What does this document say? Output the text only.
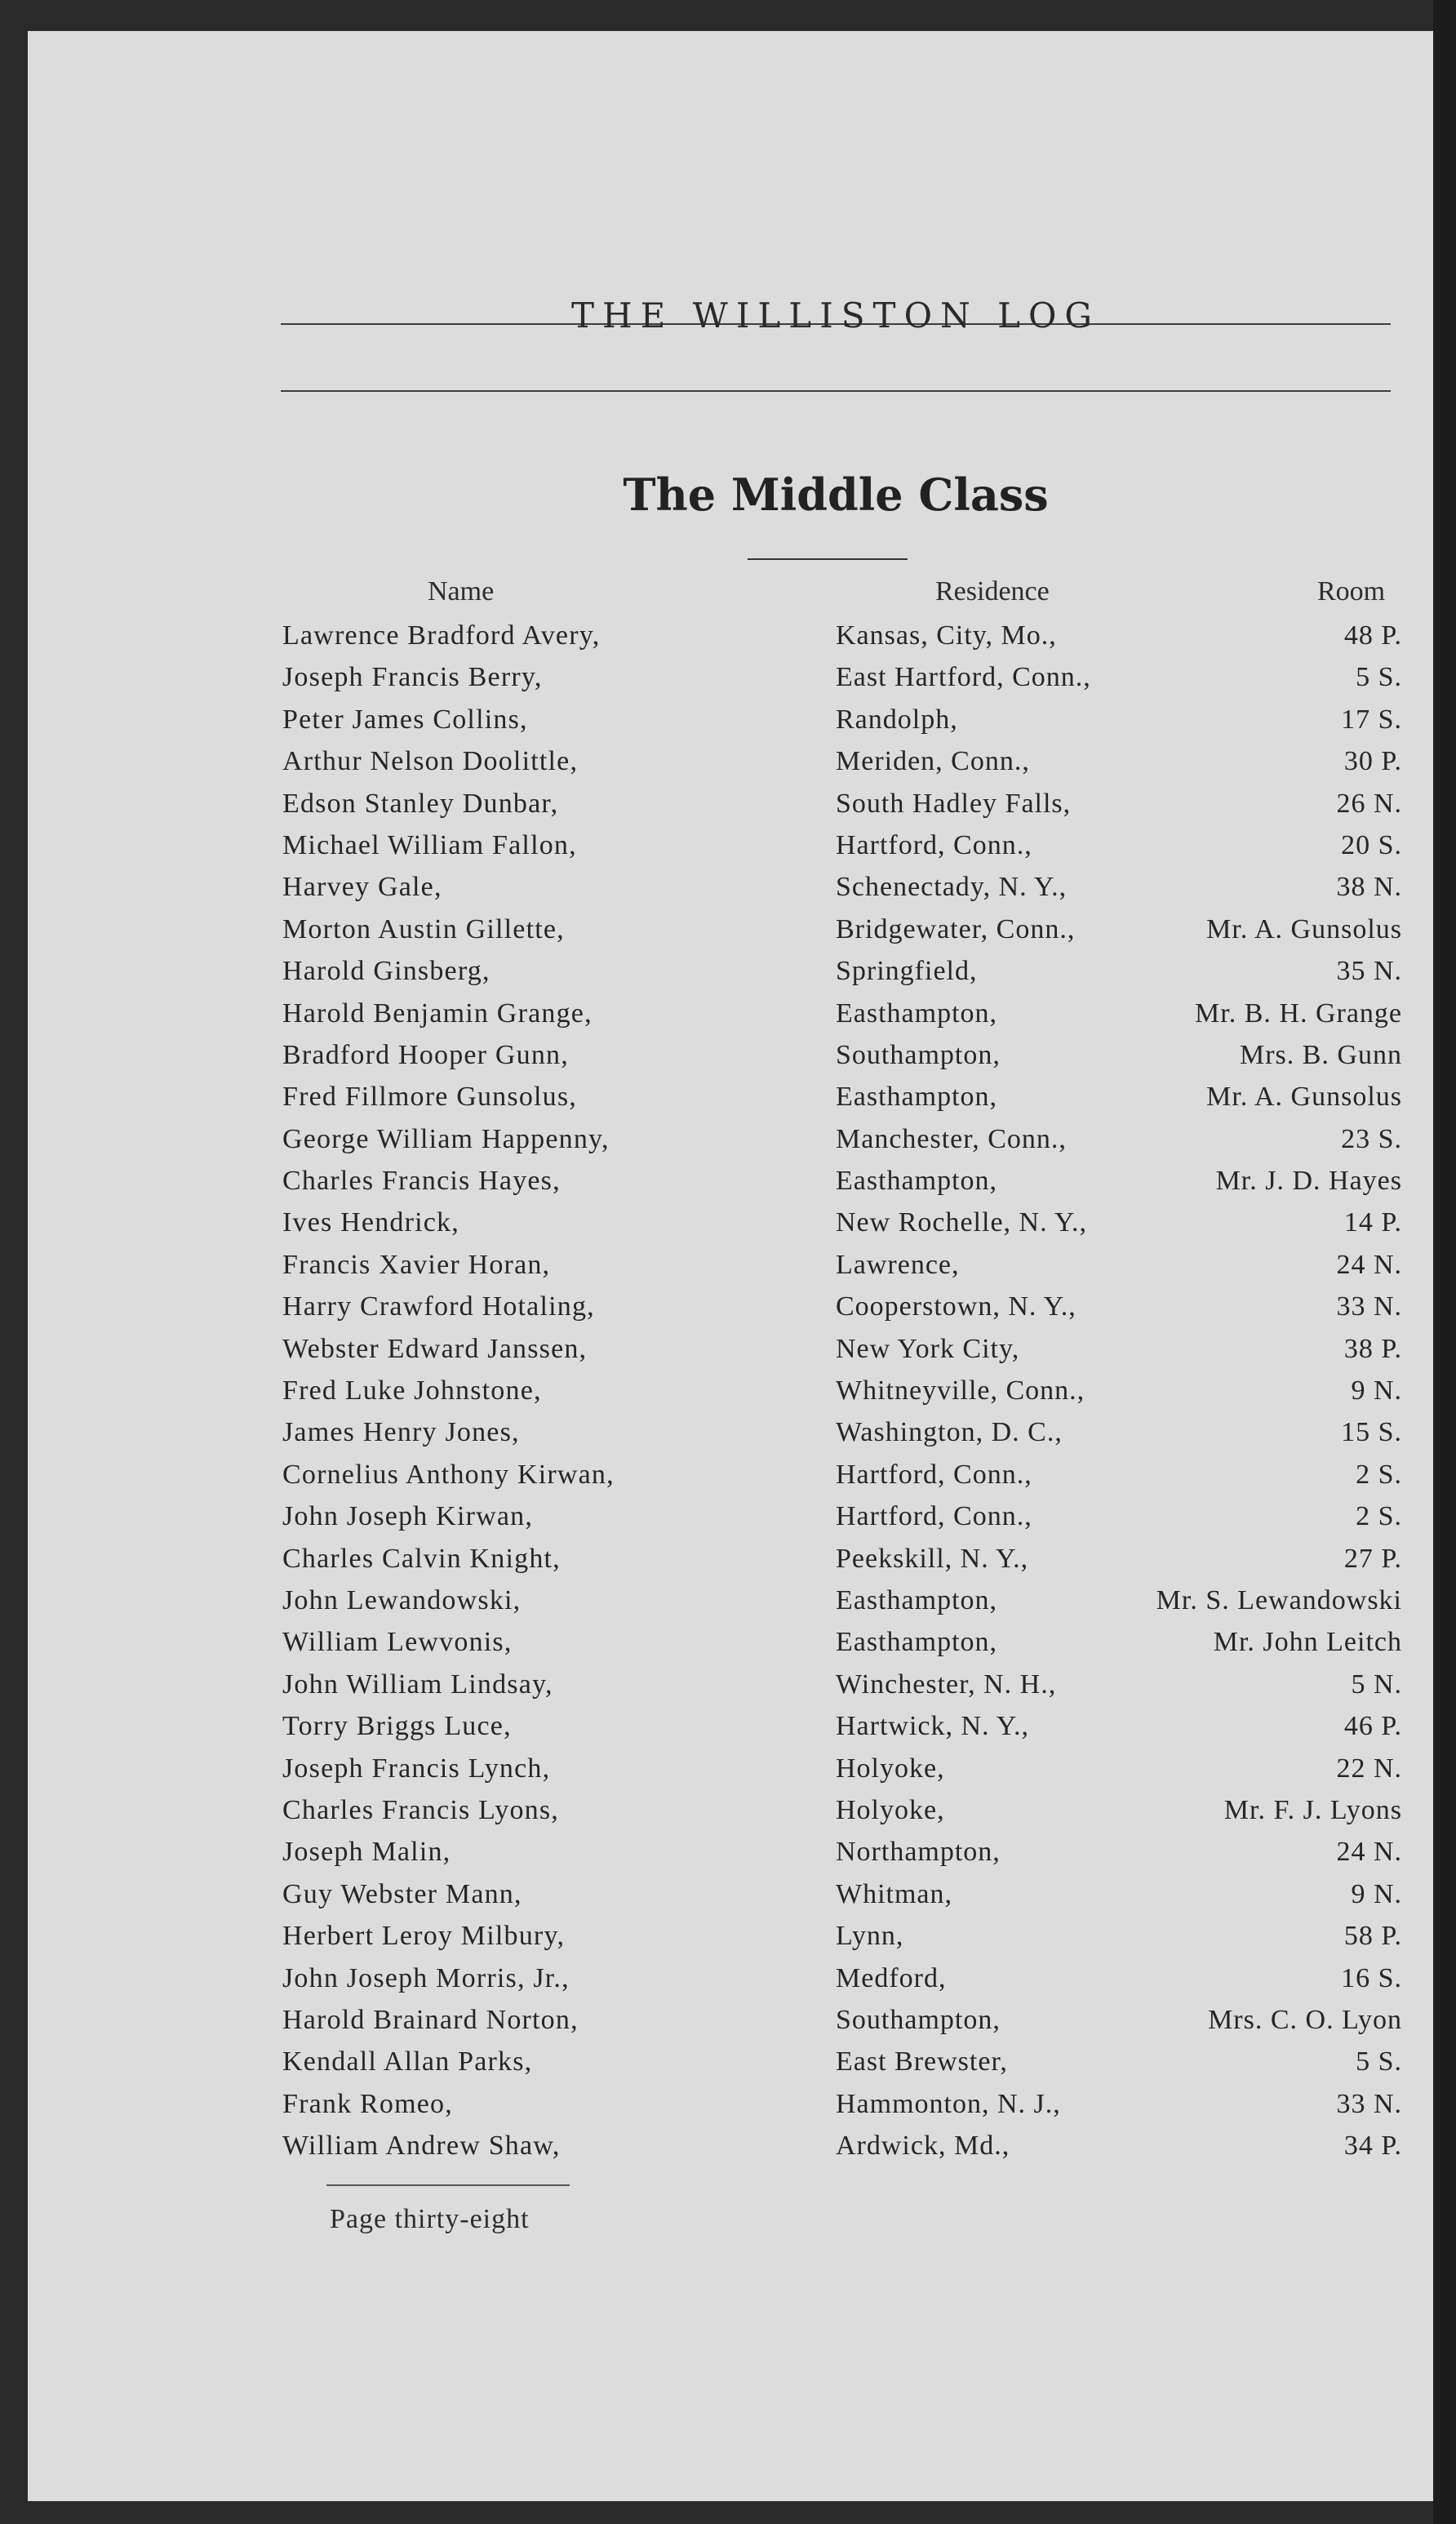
THE WILLISTON LOG
The Middle Class
Name	Residence	Room
Lawrence Bradford Avery,	Kansas, City, Mo.,	48 P.
Joseph Francis Berry,	East Hartford, Conn.,	5 S.
Peter James Collins,	Randolph,	17 S.
Arthur Nelson Doolittle,	Meriden, Conn.,	30 P.
Edson Stanley Dunbar,	South Hadley Falls,	26 N.
Michael William Fallon,	Hartford, Conn.,	20 S.
Harvey Gale,	Schenectady, N. Y.,	38 N.
Morton Austin Gillette,	Bridgewater, Conn.,	Mr. A. Gunsolus
Harold Ginsberg,	Springfield,	35 N.
Harold Benjamin Grange,	Easthampton,	Mr. B. H. Grange
Bradford Hooper Gunn,	Southampton,	Mrs. B. Gunn
Fred Fillmore Gunsolus,	Easthampton,	Mr. A. Gunsolus
George William Happenny,	Manchester, Conn.,	23 S.
Charles Francis Hayes,	Easthampton,	Mr. J. D. Hayes
Ives Hendrick,	New Rochelle, N. Y.,	14 P.
Francis Xavier Horan,	Lawrence,	24 N.
Harry Crawford Hotaling,	Cooperstown, N. Y.,	33 N.
Webster Edward Janssen,	New York City,	38 P.
Fred Luke Johnstone,	Whitneyville, Conn.,	9 N.
James Henry Jones,	Washington, D. C.,	15 S.
Cornelius Anthony Kirwan,	Hartford, Conn.,	2 S.
John Joseph Kirwan,	Hartford, Conn.,	2 S.
Charles Calvin Knight,	Peekskill, N. Y.,	27 P.
John Lewandowski,	Easthampton,	Mr. S. Lewandowski
William Lewvonis,	Easthampton,	Mr. John Leitch
John William Lindsay,	Winchester, N. H.,	5 N.
Torry Briggs Luce,	Hartwick, N. Y.,	46 P.
Joseph Francis Lynch,	Holyoke,	22 N.
Charles Francis Lyons,	Holyoke,	Mr. F. J. Lyons
Joseph Malin,	Northampton,	24 N.
Guy Webster Mann,	Whitman,	9 N.
Herbert Leroy Milbury,	Lynn,	58 P.
John Joseph Morris, Jr.,	Medford,	16 S.
Harold Brainard Norton,	Southampton,	Mrs. C. O. Lyon
Kendall Allan Parks,	East Brewster,	5 S.
Frank Romeo,	Hammonton, N. J.,	33 N.
William Andrew Shaw,	Ardwick, Md.,	34 P.
Page thirty-eight
